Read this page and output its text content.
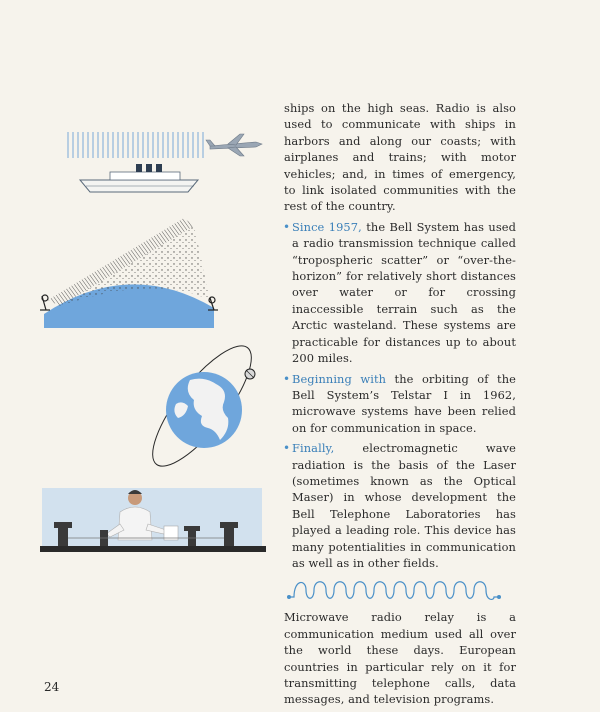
ships on the high seas. Radio is also used to communicate with ships in harbors and along our coasts; with airplanes and trains; with motor vehicles; and, in times of emergency, to link isolated communities with the rest of the country.

• Since 1957, the Bell System has used a radio transmission technique called “tropospheric scatter” or “over-the-horizon” for relatively short distances over water or for crossing inaccessible terrain such as the Arctic wasteland. These systems are practicable for distances up to about 200 miles.

• Beginning with the orbiting of the Bell System’s Telstar I in 1962, microwave systems have been relied on for communication in space.

• Finally, electromagnetic wave radiation is the basis of the Laser (sometimes known as the Optical Maser) in whose development the Bell Telephone Laboratories has played a leading role. This device has many potentialities in communication as well as in other fields.

Microwave radio relay is a communication medium used all over the world these days. European countries in particular rely on it for transmitting telephone calls, data messages, and television programs.

24
